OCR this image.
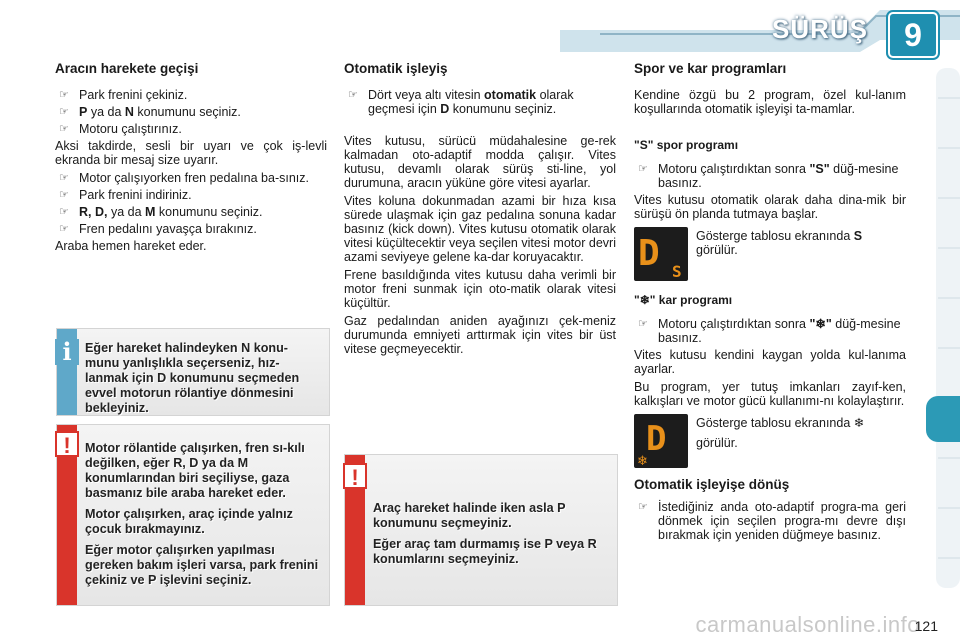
SÜRÜŞ	9
Aracın harekete geçişi
☞ Park frenini çekiniz.
☞ P ya da N konumunu seçiniz.
☞ Motoru çalıştırınız.

Aksi takdirde, sesli bir uyarı ve çok iş-levli ekranda bir mesaj size uyarır.

☞ Motor çalışıyorken fren pedalına ba-sınız.
☞ Park frenini indiriniz.
☞ R, D, ya da M konumunu seçiniz.
☞ Fren pedalını yavaşça bırakınız.

Araba hemen hareket eder.

i	Eğer hareket halindeyken N konu-munu yanlışlıkla seçerseniz, hız-lanmak için D konumunu seçmeden evvel motorun rölantiye dönmesini bekleyiniz.

!	Motor rölantide çalışırken, fren sı-kılı değilken, eğer R, D ya da M konumlarından biri seçiliyse, gaza basmanız bile araba hareket eder.

Motor çalışırken, araç içinde yalnız çocuk bırakmayınız.

Eğer motor çalışırken yapılması gereken bakım işleri varsa, park frenini çekiniz ve P işlevini seçiniz.

Otomatik işleyiş
☞ Dört veya altı vitesin otomatik olarak geçmesi için D konumunu seçiniz.

Vites kutusu, sürücü müdahalesine ge-rek kalmadan oto-adaptif modda çalışır. Vites kutusu, devamlı olarak sürüş sti-line, yol durumuna, aracın yüküne göre vitesi ayarlar.

Vites koluna dokunmadan azami bir hıza kısa sürede ulaşmak için gaz pedalına sonuna kadar basınız (kick down). Vites kutusu otomatik olarak vitesi küçültecektir veya seçilen vitesi motor devri azami seviyeye gelene ka-dar koruyacaktır.

Frene basıldığında vites kutusu daha verimli bir motor freni sunmak için oto-matik olarak vitesi küçültür.

Gaz pedalından aniden ayağınızı çek-meniz durumunda emniyeti arttırmak için vites bir üst vitese geçmeyecektir.

!

Araç hareket halinde iken asla P konumunu seçmeyiniz.

Eğer araç tam durmamış ise P veya R konumlarını seçmeyiniz.

Spor ve kar programları

Kendine özgü bu 2 program, özel kul-lanım koşullarında otomatik işleyişi ta-mamlar.

"S" spor programı
☞ Motoru çalıştırdıktan sonra "S" düğ-mesine basınız.

Vites kutusu otomatik olarak daha dina-mik bir sürüşü ön planda tutmaya başlar.

D S
Gösterge tablosu ekranında S görülür.
"❄" kar programı
☞ Motoru çalıştırdıktan sonra "❄" düğ-mesine basınız.

Vites kutusu kendini kaygan yolda kul-lanıma ayarlar.

Bu program, yer tutuş imkanları zayıf-ken, kalkışları ve motor gücü kullanımı-nı kolaylaştırır.

D
❄
Gösterge tablosu ekranında ❄
görülür.
Otomatik işleyişe dönüş
☞ İstediğiniz anda oto-adaptif progra-ma geri dönmek için seçilen progra-mı devre dışı bırakmak için yeniden düğmeye basınız.
carmanualsonline.info
121
